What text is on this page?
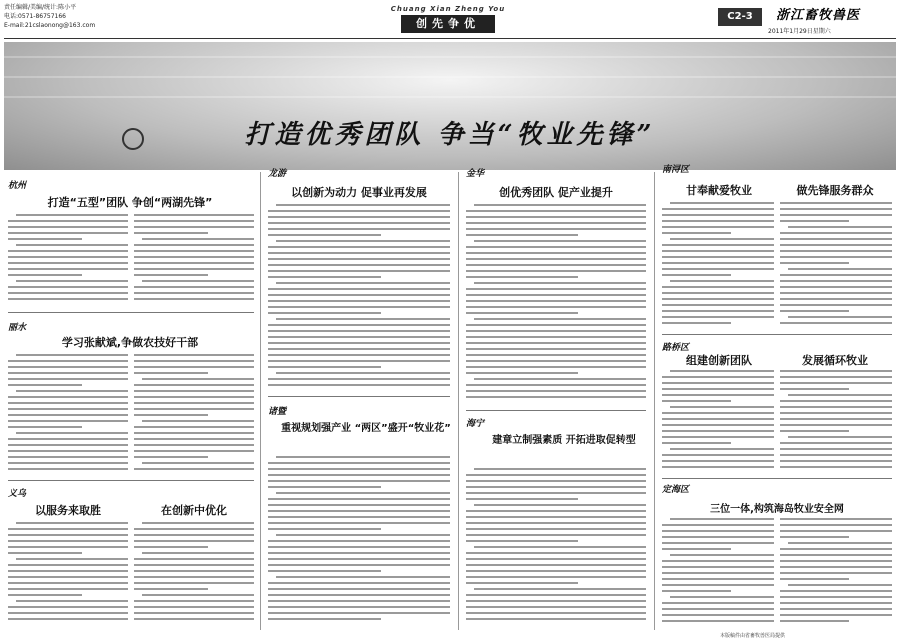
责任编辑/美编/统计:陈小平
电话:0571-86757166
E-mail:21cslaonong@163.com
Chuang Xian Zheng You
创先争优
C2-3	浙江畜牧兽医
2011年1月29日星期六
打造优秀团队 争当“牧业先锋”
杭州
打造“五型”团队 争创“两湖先锋”
丽水
学习张献斌,争做农技好干部
义乌
以服务来取胜	在创新中优化
龙游
以创新为动力 促事业再发展
诸暨
重视规划强产业 “两区”盛开“牧业花”
金华
创优秀团队 促产业提升
海宁
建章立制强素质 开拓进取促转型
南浔区
甘奉献爱牧业	做先锋服务群众
路桥区
组建创新团队	发展循环牧业
定海区
三位一体,构筑海岛牧业安全网
本版稿件由省畜牧兽医局提供
